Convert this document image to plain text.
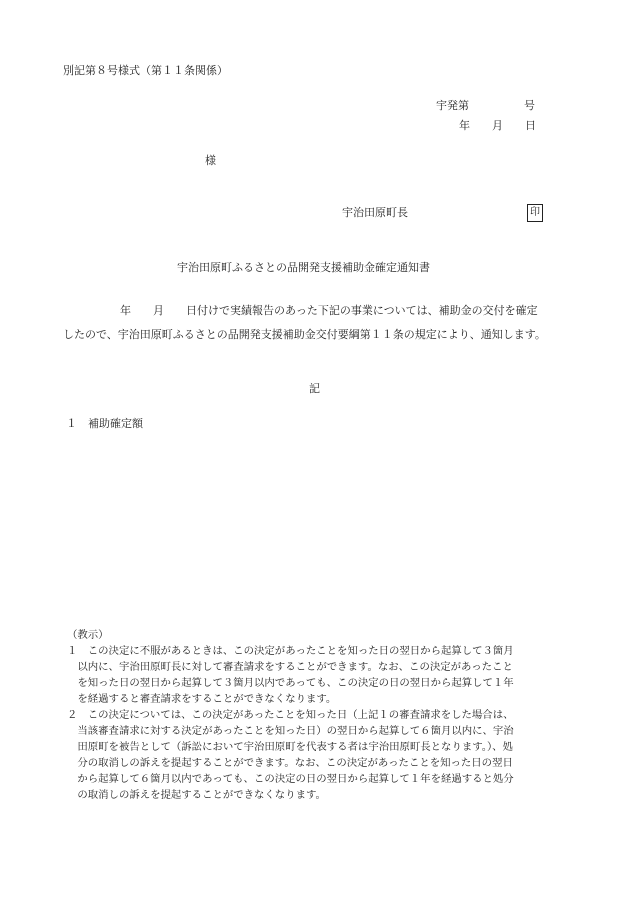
別記第８号様式（第１１条関係）
宇発第　　　　　号
年　　月　　日
様
宇治田原町長	印
宇治田原町ふるさとの品開発支援補助金確定通知書
年　　月　　日付けで実績報告のあった下記の事業については、補助金の交付を確定
したので、宇治田原町ふるさとの品開発支援補助金交付要綱第１１条の規定により、通知します。
記
１　補助確定額
（教示）
１　この決定に不服があるときは、この決定があったことを知った日の翌日から起算して３箇月
　以内に、宇治田原町長に対して審査請求をすることができます。なお、この決定があったこと
　を知った日の翌日から起算して３箇月以内であっても、この決定の日の翌日から起算して１年
　を経過すると審査請求をすることができなくなります。
２　この決定については、この決定があったことを知った日（上記１の審査請求をした場合は、
　当該審査請求に対する決定があったことを知った日）の翌日から起算して６箇月以内に、宇治
　田原町を被告として（訴訟において宇治田原町を代表する者は宇治田原町長となります。）、処
　分の取消しの訴えを提起することができます。なお、この決定があったことを知った日の翌日
　から起算して６箇月以内であっても、この決定の日の翌日から起算して１年を経過すると処分
　の取消しの訴えを提起することができなくなります。
